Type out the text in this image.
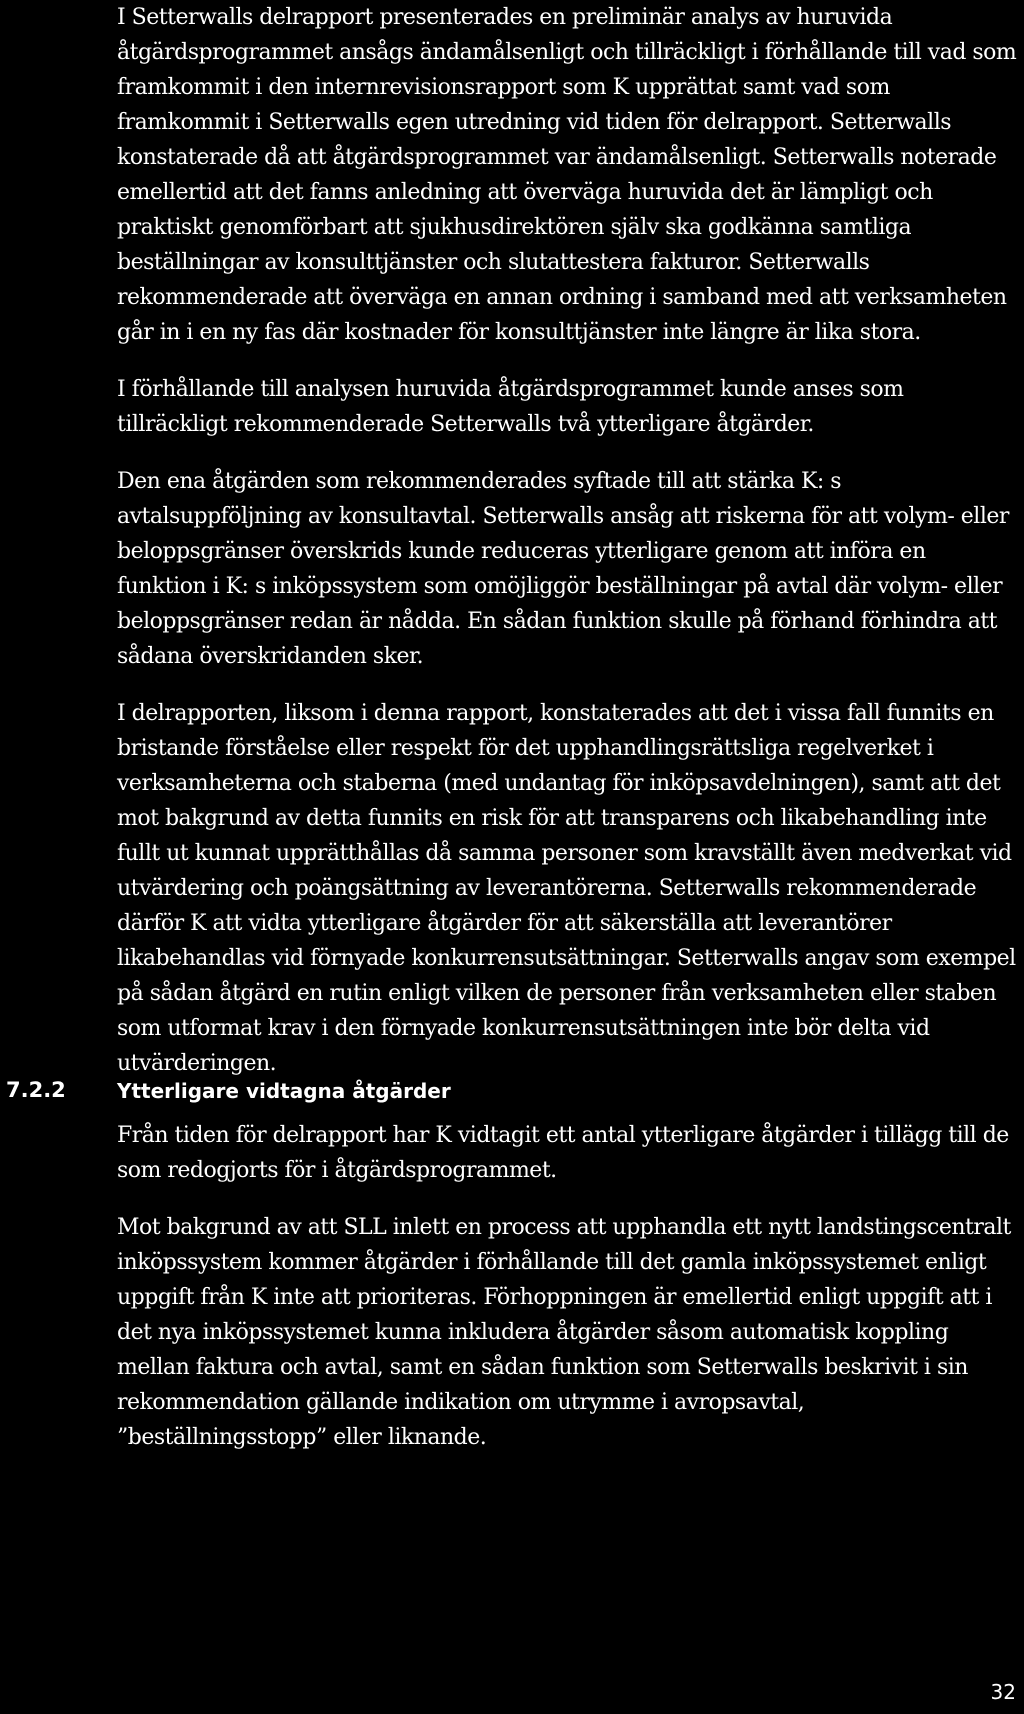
I Setterwalls delrapport presenterades en preliminär analys av huruvida åtgärdsprogrammet ansågs ändamålsenligt och tillräckligt i förhållande till vad som framkommit i den internrevisionsrapport som K upprättat samt vad som framkommit i Setterwalls egen utredning vid tiden för delrapport. Setterwalls konstaterade då att åtgärdsprogrammet var ändamålsenligt. Setterwalls noterade emellertid att det fanns anledning att överväga huruvida det är lämpligt och praktiskt genomförbart att sjukhusdirektören själv ska godkänna samtliga beställningar av konsulttjänster och slutattestera fakturor. Setterwalls rekommenderade att överväga en annan ordning i samband med att verksamheten går in i en ny fas där kostnader för konsulttjänster inte längre är lika stora.

I förhållande till analysen huruvida åtgärdsprogrammet kunde anses som tillräckligt rekommenderade Setterwalls två ytterligare åtgärder.

Den ena åtgärden som rekommenderades syftade till att stärka K: s avtalsuppföljning av konsultavtal. Setterwalls ansåg att riskerna för att volym- eller beloppsgränser överskrids kunde reduceras ytterligare genom att införa en funktion i K: s inköpssystem som omöjliggör beställningar på avtal där volym- eller beloppsgränser redan är nådda. En sådan funktion skulle på förhand förhindra att sådana överskridanden sker.

I delrapporten, liksom i denna rapport, konstaterades att det i vissa fall funnits en bristande förståelse eller respekt för det upphandlingsrättsliga regelverket i verksamheterna och staberna (med undantag för inköpsavdelningen), samt att det mot bakgrund av detta funnits en risk för att transparens och likabehandling inte fullt ut kunnat upprätthållas då samma personer som kravställt även medverkat vid utvärdering och poängsättning av leverantörerna. Setterwalls rekommenderade därför K att vidta ytterligare åtgärder för att säkerställa att leverantörer likabehandlas vid förnyade konkurrensutsättningar. Setterwalls angav som exempel på sådan åtgärd en rutin enligt vilken de personer från verksamheten eller staben som utformat krav i den förnyade konkurrensutsättningen inte bör delta vid utvärderingen.

7.2.2	Ytterligare vidtagna åtgärder

Från tiden för delrapport har K vidtagit ett antal ytterligare åtgärder i tillägg till de som redogjorts för i åtgärdsprogrammet.

Mot bakgrund av att SLL inlett en process att upphandla ett nytt landstingscentralt inköpssystem kommer åtgärder i förhållande till det gamla inköpssystemet enligt uppgift från K inte att prioriteras. Förhoppningen är emellertid enligt uppgift att i det nya inköpssystemet kunna inkludera åtgärder såsom automatisk koppling mellan faktura och avtal, samt en sådan funktion som Setterwalls beskrivit i sin rekommendation gällande indikation om utrymme i avropsavtal, ”beställningsstopp” eller liknande.

32
